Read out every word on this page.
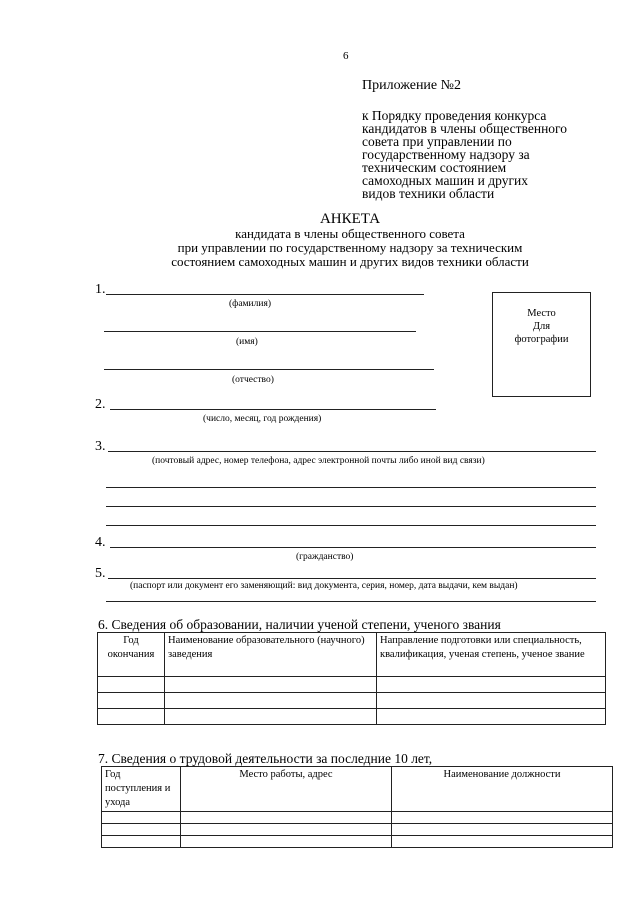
6
Приложение №2
к Порядку проведения конкурса
кандидатов в члены общественного
совета при управлении по
государственному надзору за
техническим состоянием
самоходных машин и других
видов техники области
АНКЕТА
кандидата в члены общественного совета
при управлении по государственному надзору за техническим
состоянием самоходных машин и других видов техники области
1.
(фамилия)
(имя)
(отчество)
Место
Для
фотографии
2.
(число, месяц, год рождения)
3.
(почтовый адрес, номер телефона, адрес электронной почты либо иной вид связи)
4.
(гражданство)
5.
(паспорт или документ его заменяющий: вид документа, серия, номер, дата выдачи, кем выдан)
6. Сведения об образовании, наличии ученой степени, ученого звания
Год окончания	Наименование образовательного (научного) заведения	Направление подготовки или специальность, квалификация, ученая степень, ученое звание

7. Сведения о трудовой деятельности за последние 10 лет,
Год поступления и ухода	Место работы, адрес	Наименование должности
